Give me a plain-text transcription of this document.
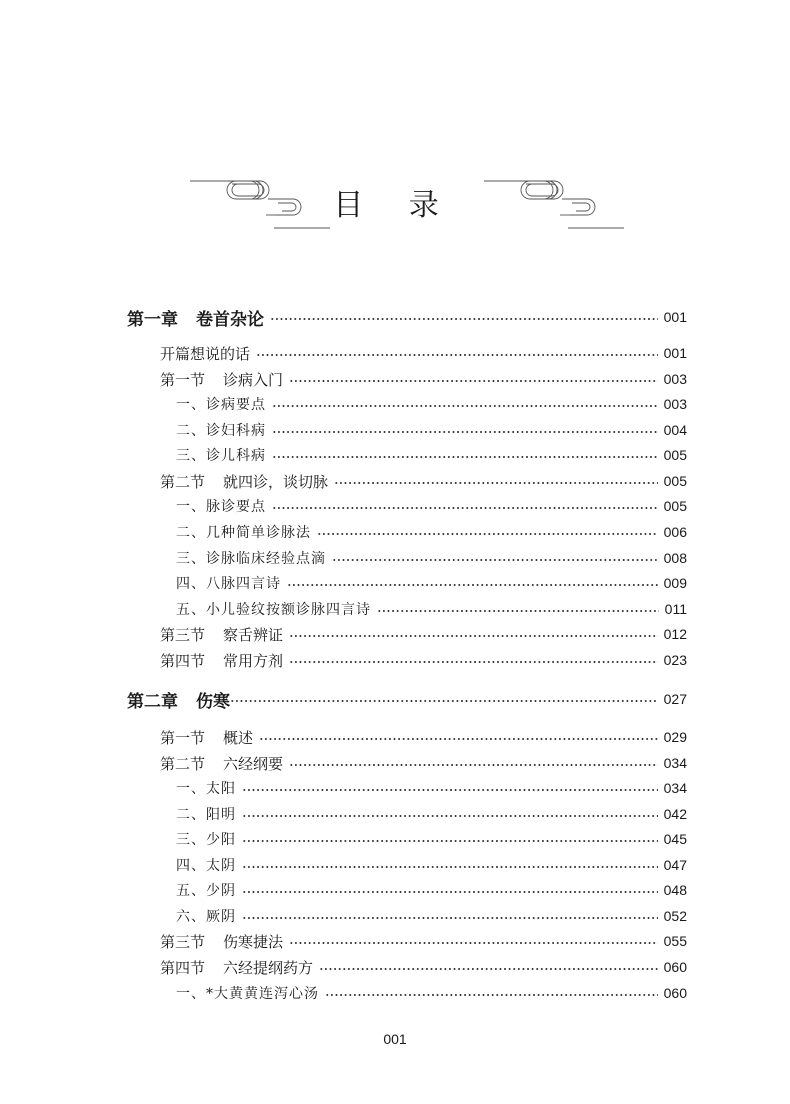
目 录
第一章 卷首杂论	001
开篇想说的话	001
第一节 诊病入门	003
一、诊病要点	003
二、诊妇科病	004
三、诊儿科病	005
第二节 就四诊，谈切脉	005
一、脉诊要点	005
二、几种简单诊脉法	006
三、诊脉临床经验点滴	008
四、八脉四言诗	009
五、小儿验纹按额诊脉四言诗	011
第三节 察舌辨证	012
第四节 常用方剂	023
第二章 伤寒	027
第一节 概述	029
第二节 六经纲要	034
一、太阳	034
二、阳明	042
三、少阳	045
四、太阴	047
五、少阴	048
六、厥阴	052
第三节 伤寒捷法	055
第四节 六经提纲药方	060
一、*大黄黄连泻心汤	060
001
